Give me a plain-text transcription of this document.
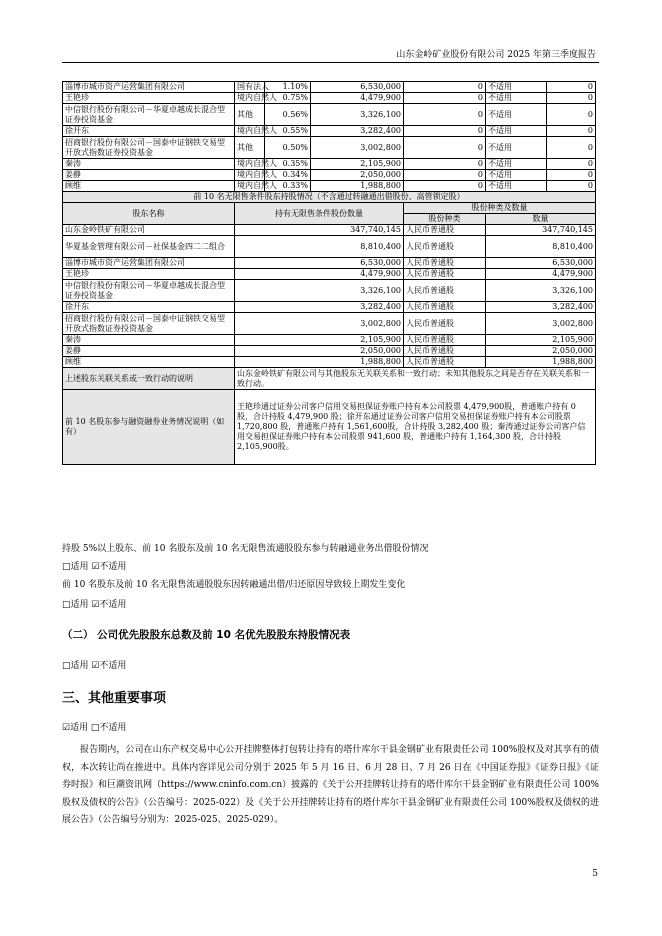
山东金岭矿业股份有限公司 2025 年第三季度报告
淄博市城市资产运营集团有限公司	国有法人	1.10%	6,530,000	0	不适用	0
王艳珍	境内自然人	0.75%	4,479,900	0	不适用	0
中信银行股份有限公司－华夏卓越成长混合型证券投资基金	其他	0.56%	3,326,100	0	不适用	0
徐开东	境内自然人	0.55%	3,282,400	0	不适用	0
招商银行股份有限公司－国泰中证钢铁交易型开放式指数证券投资基金	其他	0.50%	3,002,800	0	不适用	0
秦涛	境内自然人	0.35%	2,105,900	0	不适用	0
姜静	境内自然人	0.34%	2,050,000	0	不适用	0
顾维	境内自然人	0.33%	1,988,800	0	不适用	0
前 10 名无限售条件股东持股情况（不含通过转融通出借股份、高管锁定股）						
股东名称	持有无限售条件股份数量			股份种类及数量		
				股份种类	数量	
山东金岭铁矿有限公司	347,740,145			人民币普通股	347,740,145	
华夏基金管理有限公司－社保基金四二二组合	8,810,400			人民币普通股	8,810,400	
淄博市城市资产运营集团有限公司	6,530,000			人民币普通股	6,530,000	
王艳珍	4,479,900			人民币普通股	4,479,900	
中信银行股份有限公司－华夏卓越成长混合型证券投资基金	3,326,100			人民币普通股	3,326,100	
徐开东	3,282,400			人民币普通股	3,282,400	
招商银行股份有限公司－国泰中证钢铁交易型开放式指数证券投资基金	3,002,800			人民币普通股	3,002,800	
秦涛	2,105,900			人民币普通股	2,105,900	
姜静	2,050,000			人民币普通股	2,050,000	
顾维	1,988,800			人民币普通股	1,988,800	
上述股东关联关系或一致行动的说明	山东金岭铁矿有限公司与其他股东无关联关系和一致行动；未知其他股东之间是否存在关联关系和一致行动。					
前 10 名股东参与融资融券业务情况说明（如有）	王艳珍通过证券公司客户信用交易担保证券账户持有本公司股票 4,479,900股，普通账户持有 0 股，合计持股 4,479,900 股；徐开东通过证券公司客户信用交易担保证券账户持有本公司股票 1,720,800 股，普通账户持有 1,561,600股，合计持股 3,282,400 股；秦涛通过证券公司客户信用交易担保证券账户持有本公司股票 941,600 股，普通账户持有 1,164,300 股，合计持股 2,105,900股。					
持股 5%以上股东、前 10 名股东及前 10 名无限售流通股股东参与转融通业务出借股份情况
□适用 ☑不适用
前 10 名股东及前 10 名无限售流通股股东因转融通出借/归还原因导致较上期发生变化
□适用 ☑不适用
（二） 公司优先股股东总数及前 10 名优先股股东持股情况表
□适用 ☑不适用
三、其他重要事项
☑适用 □不适用
报告期内，公司在山东产权交易中心公开挂牌整体打包转让持有的塔什库尔干县金钢矿业有限责任公司 100%股权及对其享有的债权，本次转让尚在推进中。具体内容详见公司分别于 2025 年 5 月 16 日、6 月 28 日、7 月 26 日在《中国证券报》《证券日报》《证券时报》和巨潮资讯网（https://www.cninfo.com.cn）披露的《关于公开挂牌转让持有的塔什库尔干县金钢矿业有限责任公司 100%股权及债权的公告》（公告编号：2025-022）及《关于公开挂牌转让持有的塔什库尔干县金钢矿业有限责任公司 100%股权及债权的进展公告》（公告编号分别为：2025-025、2025-029）。
5
